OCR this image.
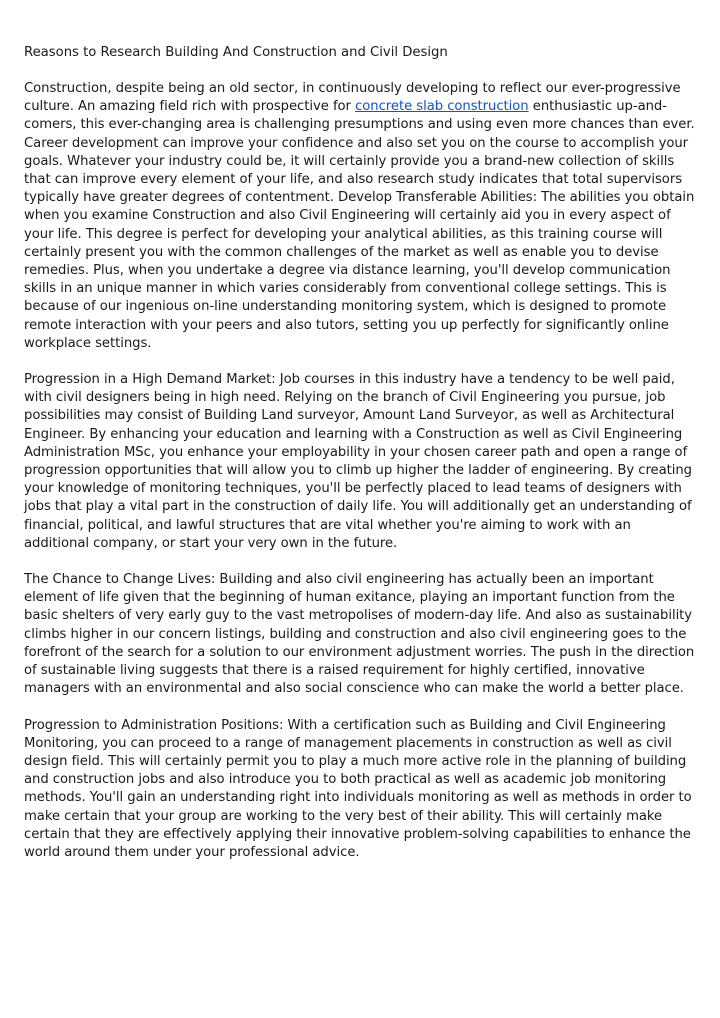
Reasons to Research Building And Construction and Civil Design

Construction, despite being an old sector, in continuously developing to reflect our ever-progressive culture. An amazing field rich with prospective for concrete slab construction enthusiastic up-and-comers, this ever-changing area is challenging presumptions and using even more chances than ever. Career development can improve your confidence and also set you on the course to accomplish your goals. Whatever your industry could be, it will certainly provide you a brand-new collection of skills that can improve every element of your life, and also research study indicates that total supervisors typically have greater degrees of contentment. Develop Transferable Abilities: The abilities you obtain when you examine Construction and also Civil Engineering will certainly aid you in every aspect of your life. This degree is perfect for developing your analytical abilities, as this training course will certainly present you with the common challenges of the market as well as enable you to devise remedies. Plus, when you undertake a degree via distance learning, you'll develop communication skills in an unique manner in which varies considerably from conventional college settings. This is because of our ingenious on-line understanding monitoring system, which is designed to promote remote interaction with your peers and also tutors, setting you up perfectly for significantly online workplace settings.

Progression in a High Demand Market: Job courses in this industry have a tendency to be well paid, with civil designers being in high need. Relying on the branch of Civil Engineering you pursue, job possibilities may consist of Building Land surveyor, Amount Land Surveyor, as well as Architectural Engineer. By enhancing your education and learning with a Construction as well as Civil Engineering Administration MSc, you enhance your employability in your chosen career path and open a range of progression opportunities that will allow you to climb up higher the ladder of engineering. By creating your knowledge of monitoring techniques, you'll be perfectly placed to lead teams of designers with jobs that play a vital part in the construction of daily life. You will additionally get an understanding of financial, political, and lawful structures that are vital whether you're aiming to work with an additional company, or start your very own in the future.

The Chance to Change Lives: Building and also civil engineering has actually been an important element of life given that the beginning of human exitance, playing an important function from the basic shelters of very early guy to the vast metropolises of modern-day life. And also as sustainability climbs higher in our concern listings, building and construction and also civil engineering goes to the forefront of the search for a solution to our environment adjustment worries. The push in the direction of sustainable living suggests that there is a raised requirement for highly certified, innovative managers with an environmental and also social conscience who can make the world a better place.

Progression to Administration Positions: With a certification such as Building and Civil Engineering Monitoring, you can proceed to a range of management placements in construction as well as civil design field. This will certainly permit you to play a much more active role in the planning of building and construction jobs and also introduce you to both practical as well as academic job monitoring methods. You'll gain an understanding right into individuals monitoring as well as methods in order to make certain that your group are working to the very best of their ability. This will certainly make certain that they are effectively applying their innovative problem-solving capabilities to enhance the world around them under your professional advice.
